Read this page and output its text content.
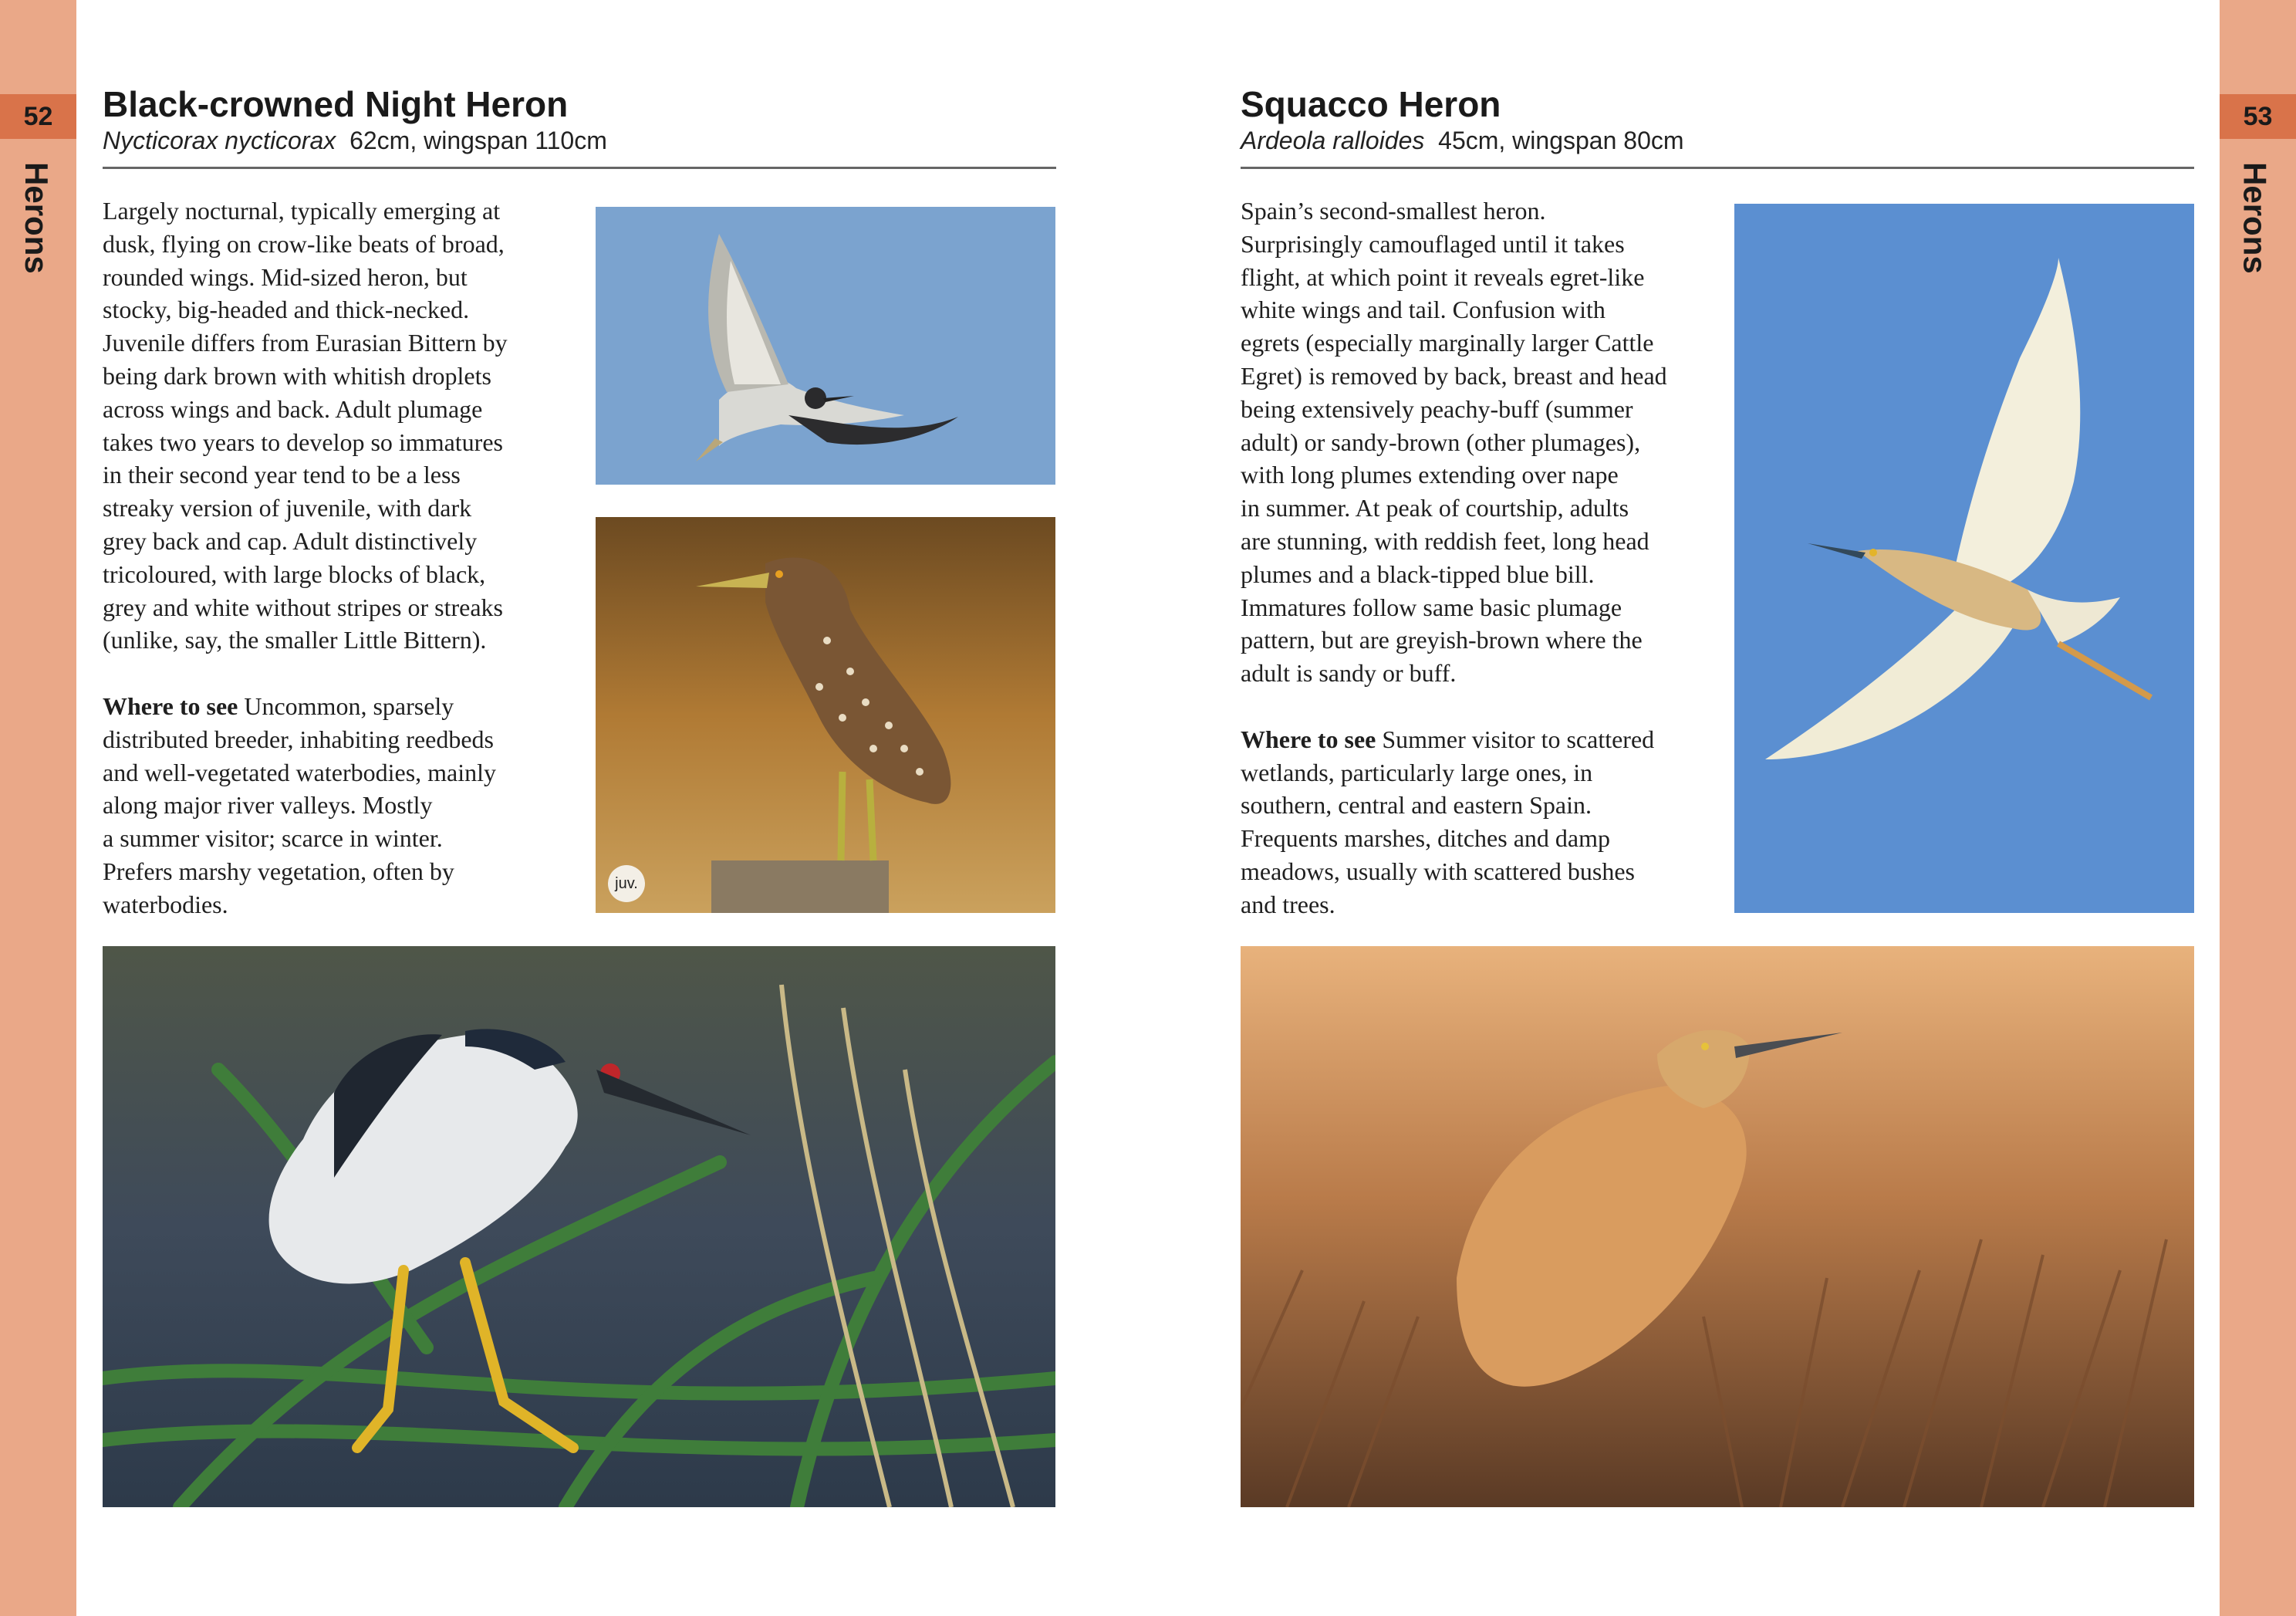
52	53
Herons	Herons
Black-crowned Night Heron
Nycticorax nycticorax 62cm, wingspan 110cm

Largely nocturnal, typically emerging at
dusk, flying on crow-like beats of broad,
rounded wings. Mid-sized heron, but
stocky, big-headed and thick-necked.
Juvenile differs from Eurasian Bittern by
being dark brown with whitish droplets
across wings and back. Adult plumage
takes two years to develop so immatures
in their second year tend to be a less
streaky version of juvenile, with dark
grey back and cap. Adult distinctively
tricoloured, with large blocks of black,
grey and white without stripes or streaks
(unlike, say, the smaller Little Bittern).

Where to see Uncommon, sparsely
distributed breeder, inhabiting reedbeds
and well-vegetated waterbodies, mainly
along major river valleys. Mostly
a summer visitor; scarce in winter.
Prefers marshy vegetation, often by
waterbodies.

juv.
Squacco Heron
Ardeola ralloides 45cm, wingspan 80cm

Spain’s second-smallest heron.
Surprisingly camouflaged until it takes
flight, at which point it reveals egret-like
white wings and tail. Confusion with
egrets (especially marginally larger Cattle
Egret) is removed by back, breast and head
being extensively peachy-buff (summer
adult) or sandy-brown (other plumages),
with long plumes extending over nape
in summer. At peak of courtship, adults
are stunning, with reddish feet, long head
plumes and a black-tipped blue bill.
Immatures follow same basic plumage
pattern, but are greyish-brown where the
adult is sandy or buff.

Where to see Summer visitor to scattered
wetlands, particularly large ones, in
southern, central and eastern Spain.
Frequents marshes, ditches and damp
meadows, usually with scattered bushes
and trees.
